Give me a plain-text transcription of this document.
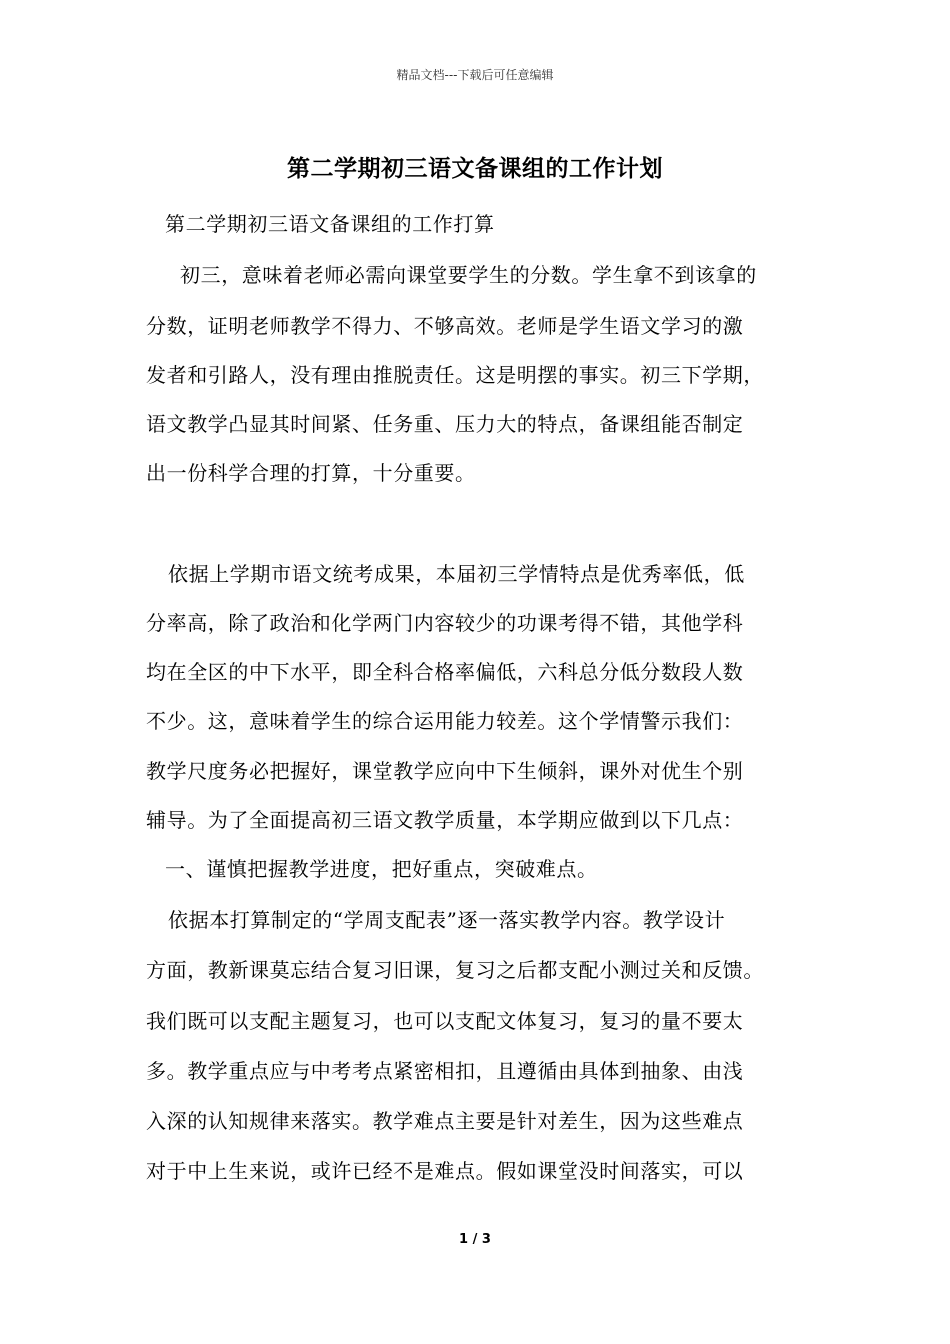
精品文档---下载后可任意编辑
第二学期初三语文备课组的工作计划
第二学期初三语文备课组的工作打算
初三，意味着老师必需向课堂要学生的分数。学生拿不到该拿的
分数，证明老师教学不得力、不够高效。老师是学生语文学习的激
发者和引路人，没有理由推脱责任。这是明摆的事实。初三下学期，
语文教学凸显其时间紧、任务重、压力大的特点，备课组能否制定
出一份科学合理的打算，十分重要。
依据上学期市语文统考成果，本届初三学情特点是优秀率低，低
分率高，除了政治和化学两门内容较少的功课考得不错，其他学科
均在全区的中下水平，即全科合格率偏低，六科总分低分数段人数
不少。这，意味着学生的综合运用能力较差。这个学情警示我们：
教学尺度务必把握好，课堂教学应向中下生倾斜，课外对优生个别
辅导。为了全面提高初三语文教学质量，本学期应做到以下几点：
一、谨慎把握教学进度，把好重点，突破难点。
依据本打算制定的“学周支配表”逐一落实教学内容。教学设计
方面，教新课莫忘结合复习旧课，复习之后都支配小测过关和反馈。
我们既可以支配主题复习，也可以支配文体复习，复习的量不要太
多。教学重点应与中考考点紧密相扣，且遵循由具体到抽象、由浅
入深的认知规律来落实。教学难点主要是针对差生，因为这些难点
对于中上生来说，或许已经不是难点。假如课堂没时间落实，可以
1 / 3
